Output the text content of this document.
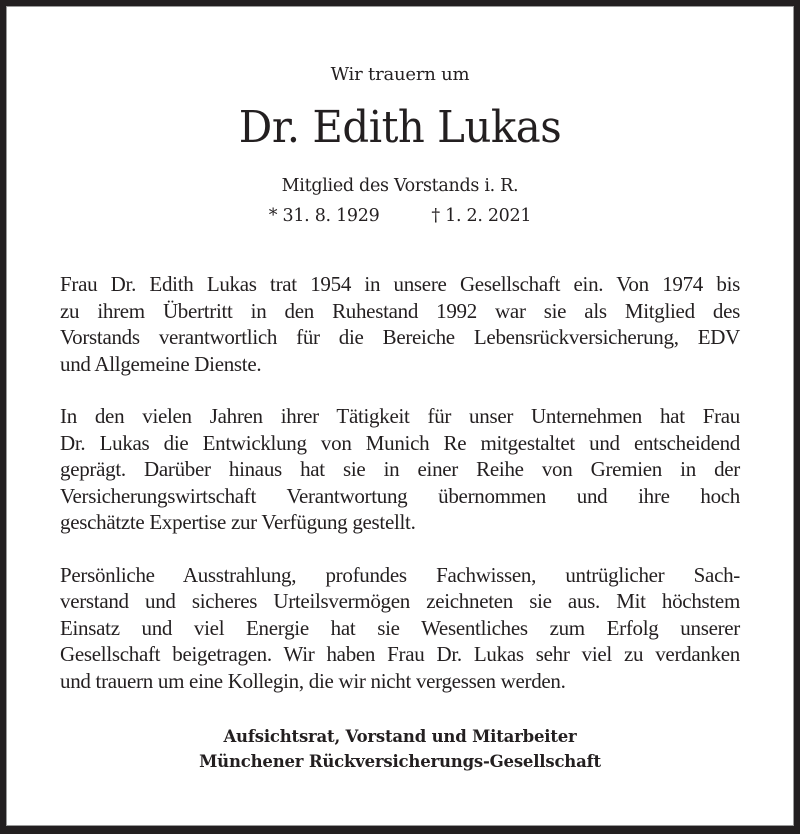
Wir trauern um
Dr. Edith Lukas
Mitglied des Vorstands i. R.
* 31. 8. 1929	† 1. 2. 2021

Frau Dr. Edith Lukas trat 1954 in unsere Gesellschaft ein. Von 1974 bis
zu ihrem Übertritt in den Ruhestand 1992 war sie als Mitglied des
Vorstands verantwortlich für die Bereiche Lebensrückversicherung, EDV
und Allgemeine Dienste.

In den vielen Jahren ihrer Tätigkeit für unser Unternehmen hat Frau
Dr. Lukas die Entwicklung von Munich Re mitgestaltet und entscheidend
geprägt. Darüber hinaus hat sie in einer Reihe von Gremien in der
Versicherungswirtschaft Verantwortung übernommen und ihre hoch
geschätzte Expertise zur Verfügung gestellt.

Persönliche Ausstrahlung, profundes Fachwissen, untrüglicher Sach-
verstand und sicheres Urteilsvermögen zeichneten sie aus. Mit höchstem
Einsatz und viel Energie hat sie Wesentliches zum Erfolg unserer
Gesellschaft beigetragen. Wir haben Frau Dr. Lukas sehr viel zu verdanken
und trauern um eine Kollegin, die wir nicht vergessen werden.

Aufsichtsrat, Vorstand und Mitarbeiter
Münchener Rückversicherungs-Gesellschaft
